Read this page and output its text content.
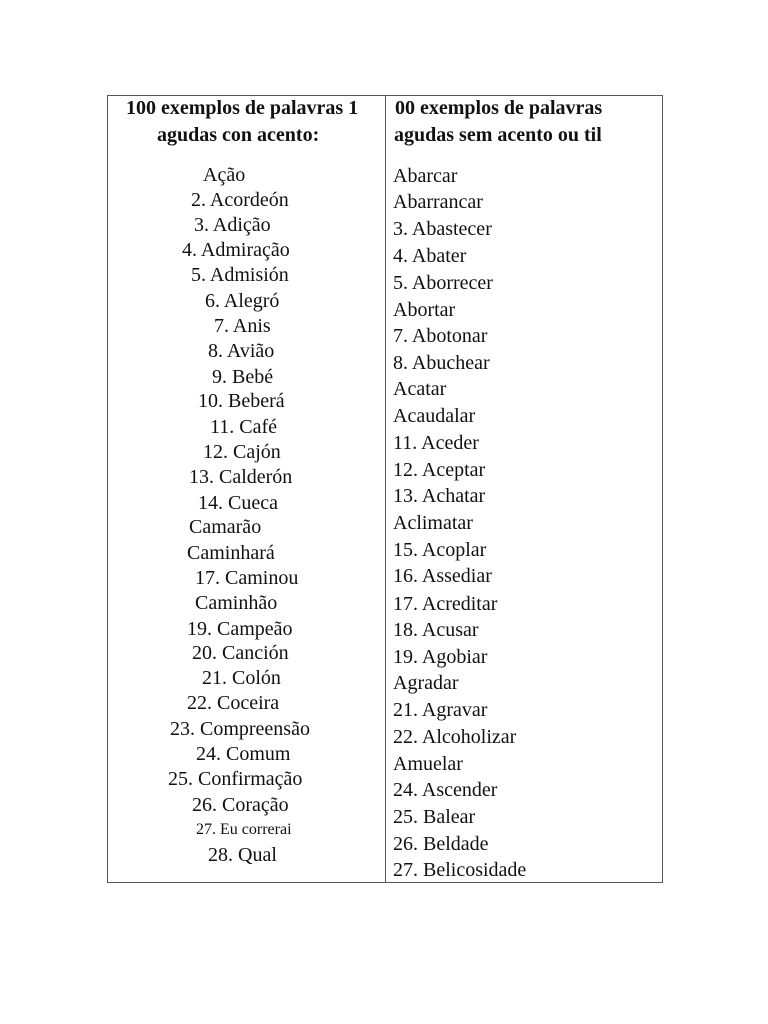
100 exemplos de palavras 1
agudas con acento:
00 exemplos de palavras
agudas sem acento ou til
Ação
2. Acordeón
3. Adição
4. Admiração
5. Admisión
6. Alegró
7. Anis
8. Avião
9. Bebé
10. Beberá
11. Café
12. Cajón
13. Calderón
14. Cueca
Camarão
Caminhará
17. Caminou
Caminhão
19. Campeão
20. Canción
21. Colón
22. Coceira
23. Compreensão
24. Comum
25. Confirmação
26. Coração
27. Eu correrai
28. Qual
Abarcar
Abarrancar
3. Abastecer
4. Abater
5. Aborrecer
Abortar
7. Abotonar
8. Abuchear
Acatar
Acaudalar
11. Aceder
12. Aceptar
13. Achatar
Aclimatar
15. Acoplar
16. Assediar
17. Acreditar
18. Acusar
19. Agobiar
Agradar
21. Agravar
22. Alcoholizar
Amuelar
24. Ascender
25. Balear
26. Beldade
27. Belicosidade
